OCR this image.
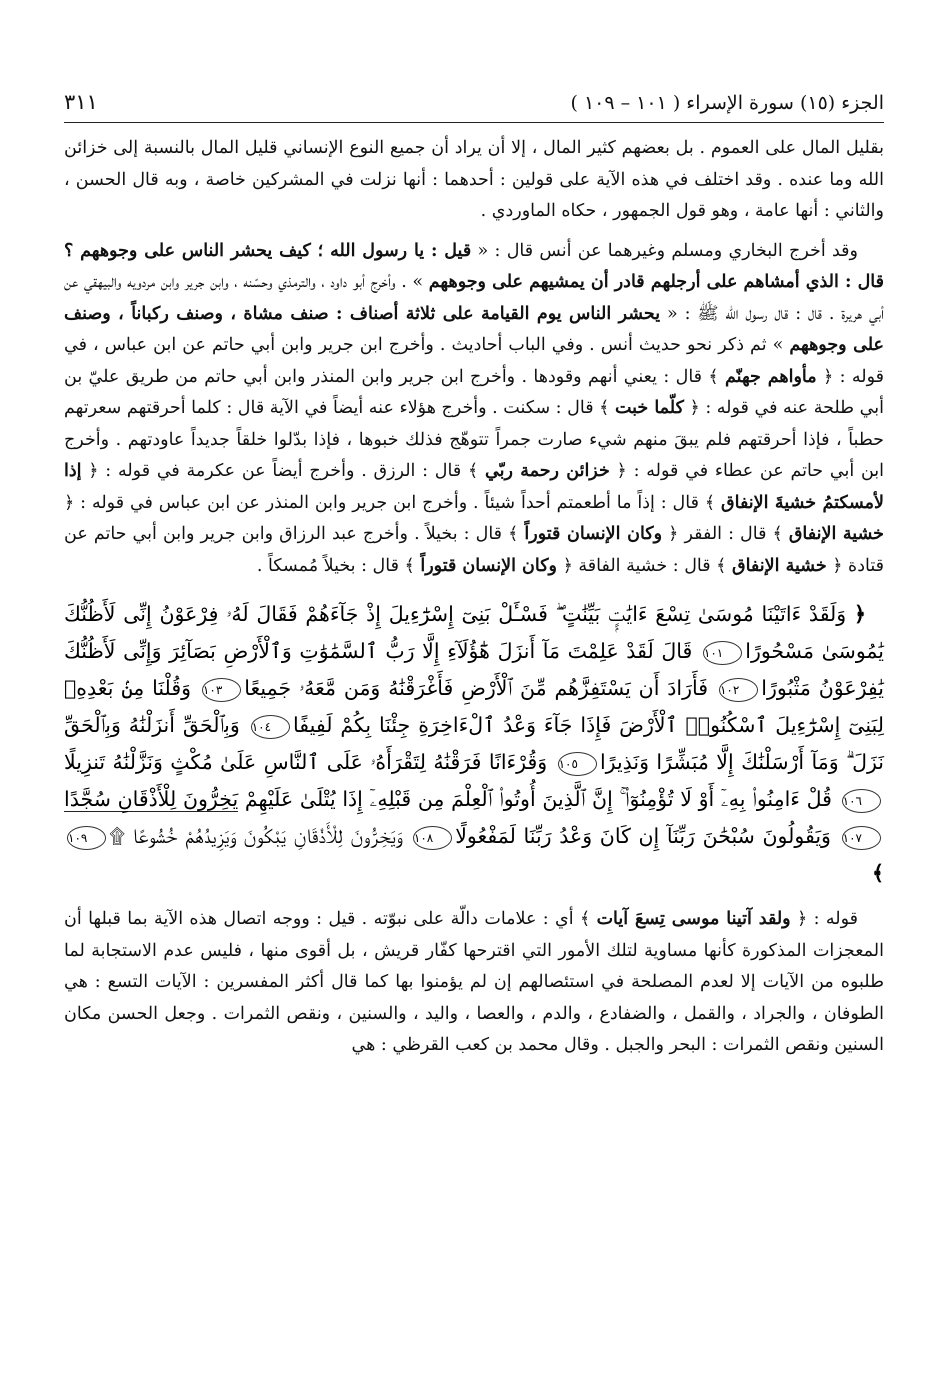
الجزء (١٥) سورة الإسراء ( ١٠١ – ١٠٩ )
٣١١

بقليل المال على العموم . بل بعضهم كثير المال ، إلا أن يراد أن جميع النوع الإنساني قليل المال بالنسبة إلى خزائن الله وما عنده . وقد اختلف في هذه الآية على قولين : أحدهما : أنها نزلت في المشركين خاصة ، وبه قال الحسن ، والثاني : أنها عامة ، وهو قول الجمهور ، حكاه الماوردي .

وقد أخرج البخاري ومسلم وغيرهما عن أنس قال : « قيل : يا رسول الله ؛ كيف يحشر الناس على وجوههم ؟ قال : الذي أمشاهم على أرجلهم قادر أن يمشيهم على وجوههم » . وأخرج أبو داود ، والترمذي وحسّنه ، وابن جرير وابن مردويه والبيهقي عن أبي هريرة . قال : قال رسول الله ﷺ : « يحشر الناس يوم القيامة على ثلاثة أصناف : صنف مشاة ، وصنف ركباناً ، وصنف على وجوههم » ثم ذكر نحو حديث أنس . وفي الباب أحاديث . وأخرج ابن جرير وابن أبي حاتم عن ابن عباس ، في قوله : ﴿ مأواهم جهنّم ﴾ قال : يعني أنهم وقودها . وأخرج ابن جرير وابن المنذر وابن أبي حاتم من طريق عليّ بن أبي طلحة عنه في قوله : ﴿ كلّما خبت ﴾ قال : سكنت . وأخرج هؤلاء عنه أيضاً في الآية قال : كلما أحرقتهم سعرتهم حطباً ، فإذا أحرقتهم فلم يبقَ منهم شيء صارت جمراً تتوهّج فذلك خبوها ، فإذا بدّلوا خلقاً جديداً عاودتهم . وأخرج ابن أبي حاتم عن عطاء في قوله : ﴿ خزائن رحمة ربّي ﴾ قال : الرزق . وأخرج أيضاً عن عكرمة في قوله : ﴿ إذا لأمسكتمُ خشيةَ الإنفاق ﴾ قال : إذاً ما أطعمتم أحداً شيئاً . وأخرج ابن جرير وابن المنذر عن ابن عباس في قوله : ﴿ خشية الإنفاق ﴾ قال : الفقر ﴿ وكان الإنسان قتوراً ﴾ قال : بخيلاً . وأخرج عبد الرزاق وابن جرير وابن أبي حاتم عن قتادة ﴿ خشية الإنفاق ﴾ قال : خشية الفاقة ﴿ وكان الإنسان قتوراً ﴾ قال : بخيلاً مُمسكاً .

﴿ وَلَقَدْ ءَاتَيْنَا مُوسَىٰ تِسْعَ ءَايَٰتٍۭ بَيِّنَٰتٍ ۖ فَسْـَٔلْ بَنِىٓ إِسْرَٰٓءِيلَ إِذْ جَآءَهُمْ فَقَالَ لَهُۥ فِرْعَوْنُ إِنِّى لَأَظُنُّكَ يَٰمُوسَىٰ مَسْحُورًا١٠١ قَالَ لَقَدْ عَلِمْتَ مَآ أَنزَلَ هَٰٓؤُلَآءِ إِلَّا رَبُّ ٱلسَّمَٰوَٰتِ وَٱلْأَرْضِ بَصَآئِرَ وَإِنِّى لَأَظُنُّكَ يَٰفِرْعَوْنُ مَثْبُورًا١٠٢ فَأَرَادَ أَن يَسْتَفِزَّهُم مِّنَ ٱلْأَرْضِ فَأَغْرَقْنَٰهُ وَمَن مَّعَهُۥ جَمِيعًا١٠٣ وَقُلْنَا مِنۢ بَعْدِهِۦ لِبَنِىٓ إِسْرَٰٓءِيلَ ٱسْكُنُوا۟ ٱلْأَرْضَ فَإِذَا جَآءَ وَعْدُ ٱلْءَاخِرَةِ جِئْنَا بِكُمْ لَفِيفًا١٠٤ وَبِٱلْحَقِّ أَنزَلْنَٰهُ وَبِٱلْحَقِّ نَزَلَ ۗ وَمَآ أَرْسَلْنَٰكَ إِلَّا مُبَشِّرًا وَنَذِيرًا١٠٥ وَقُرْءَانًا فَرَقْنَٰهُ لِتَقْرَأَهُۥ عَلَى ٱلنَّاسِ عَلَىٰ مُكْثٍ وَنَزَّلْنَٰهُ تَنزِيلًا١٠٦ قُلْ ءَامِنُوا۟ بِهِۦٓ أَوْ لَا تُؤْمِنُوٓا۟ ۚ إِنَّ ٱلَّذِينَ أُوتُوا۟ ٱلْعِلْمَ مِن قَبْلِهِۦٓ إِذَا يُتْلَىٰ عَلَيْهِمْ يَخِرُّونَ لِلْأَذْقَانِ سُجَّدًا١٠٧ وَيَقُولُونَ سُبْحَٰنَ رَبِّنَآ إِن كَانَ وَعْدُ رَبِّنَا لَمَفْعُولًا١٠٨ وَيَخِرُّونَ لِلْأَذْقَانِ يَبْكُونَ وَيَزِيدُهُمْ خُشُوعًا ۩١٠٩ ﴾

قوله : ﴿ ولقد آتينا موسى تِسعَ آيات ﴾ أي : علامات دالّة على نبوّته . قيل : ووجه اتصال هذه الآية بما قبلها أن المعجزات المذكورة كأنها مساوية لتلك الأمور التي اقترحها كفّار قريش ، بل أقوى منها ، فليس عدم الاستجابة لما طلبوه من الآيات إلا لعدم المصلحة في استئصالهم إن لم يؤمنوا بها كما قال أكثر المفسرين : الآيات التسع : هي الطوفان ، والجراد ، والقمل ، والضفادع ، والدم ، والعصا ، واليد ، والسنين ، ونقص الثمرات . وجعل الحسن مكان السنين ونقص الثمرات : البحر والجبل . وقال محمد بن كعب القرظي : هي
